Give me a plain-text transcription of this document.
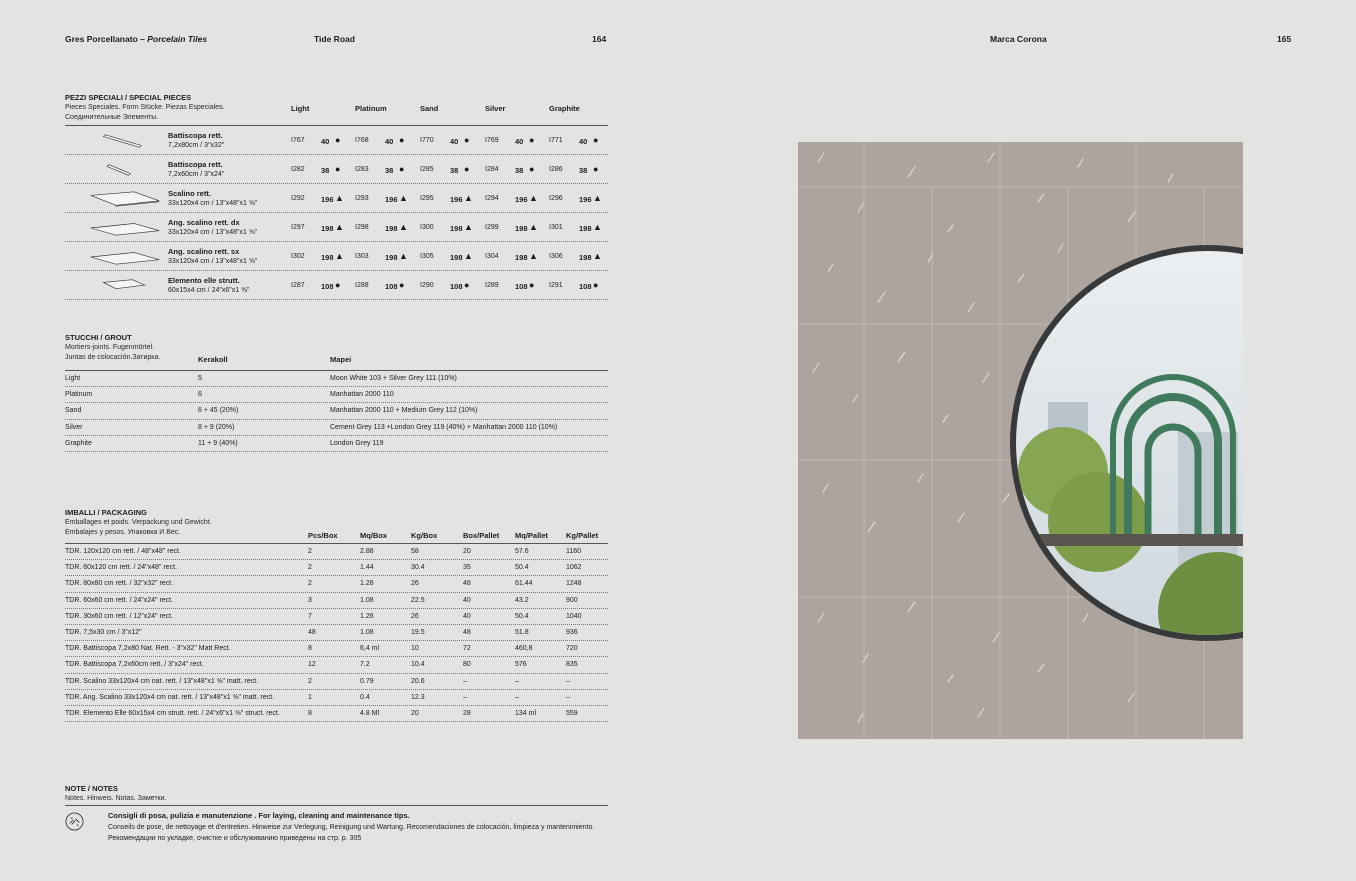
Gres Porcellanato – Porcelain Tiles	Tide Road	164	Marca Corona	165
PEZZI SPECIALI / SPECIAL PIECES
Pieces Speciales. Form Stücke. Piezas Especiales.
Соединительные Элементы.
Light	Platinum	Sand	Silver	Graphite
Battiscopa rett.
7,2x80cm / 3"x32"
I767 40 ● I768 40 ● I770 40 ● I769 40 ● I771 40 ●
Battiscopa rett.
7,2x60cm / 3"x24"
I282 38 ● I283 38 ● I285 38 ● I284 38 ● I286 38 ●
Scalino rett.
33x120x4 cm / 13"x48"x1 ⅝"
I292 196 ▲ I293 196 ▲ I295 196 ▲ I294 196 ▲ I296 196 ▲
Ang. scalino rett. dx
33x120x4 cm / 13"x48"x1 ⅝"
I297 198 ▲ I298 198 ▲ I300 198 ▲ I299 198 ▲ I301 198 ▲
Ang. scalino rett. sx
33x120x4 cm / 13"x48"x1 ⅝"
I302 198 ▲ I303 198 ▲ I305 198 ▲ I304 198 ▲ I306 198 ▲
Elemento elle strutt.
60x15x4 cm / 24"x6"x1 ⅝"
I287 108 ● I288 108 ● I290 108 ● I289 108 ● I291 108 ●
STUCCHI / GROUT
Mortiers-joints. Fugenmörtel.
Juntas de colocación.Затирка.	Kerakoll	Mapei
Light	5	Moon White 103 + Silver Grey 111 (10%)
Platinum	6	Manhattan 2000 110
Sand	6 + 45 (20%)	Manhattan 2000 110 + Medium Grey 112 (10%)
Silver	8 + 9 (20%)	Cement Grey 113 +London Grey 119 (40%) + Manhattan 2000 110 (10%)
Graphite	11 + 9 (40%)	London Grey 119
IMBALLI / PACKAGING
Emballages et poids. Verpackung und Gewicht.
Embalajes y pesos. Упаковка И Вес.	Pcs/Box	Mq/Box	Kg/Box	Box/Pallet Mq/Pallet Kg/Pallet
TDR. 120x120 cm rett. / 48"x48" rect.	2	2.88	58	20	57.6	1160
TDR. 60x120 cm rett. / 24"x48" rect.	2	1.44	30.4	35	50.4	1062
TDR. 80x80 cm rett. / 32"x32" rect.	2	1.28	26	48	61.44	1248
TDR. 60x60 cm rett. / 24"x24" rect.	3	1.08	22.5	40	43.2	900
TDR. 30x60 cm rett. / 12"x24" rect.	7	1.26	26	40	50.4	1040
TDR. 7,5x30 cm / 3"x12"	48	1.08	19.5	48	51.8	936
TDR. Battiscopa 7,2x80 Nat. Rett. - 3"x32" Matt Rect.	8	6,4 ml	10	72	460,8	720
TDR. Battiscopa 7,2x60cm rett. / 3"x24" rect.	12	7.2	10.4	80	576	835
TDR. Scalino 33x120x4 cm nat. rett. / 13"x48"x1 ⅝" matt. rect.	2	0.79	20.6	–	–	–
TDR. Ang. Scalino 33x120x4 cm nat. rett. / 13"x48"x1 ⅝" matt. rect.	1	0.4	12.3	–	–	–
TDR. Elemento Elle 60x15x4 cm strutt. rett. / 24"x6"x1 ⅝" struct. rect.	8	4.8 Ml	20	28	134 ml	559
NOTE / NOTES
Notes. Hinweis. Notas. Заметки.
Consigli di posa, pulizia e manutenzione . For laying, cleaning and maintenance tips.
Conseils de pose, de nettoyage et d'entretien. Hinweise zur Verlegung, Reinigung und Wartung. Recomendaciones de colocación, limpieza y mantenimiento. Рекомендации по укладке, очистке и обслуживанию приведены на стр. p. 305
